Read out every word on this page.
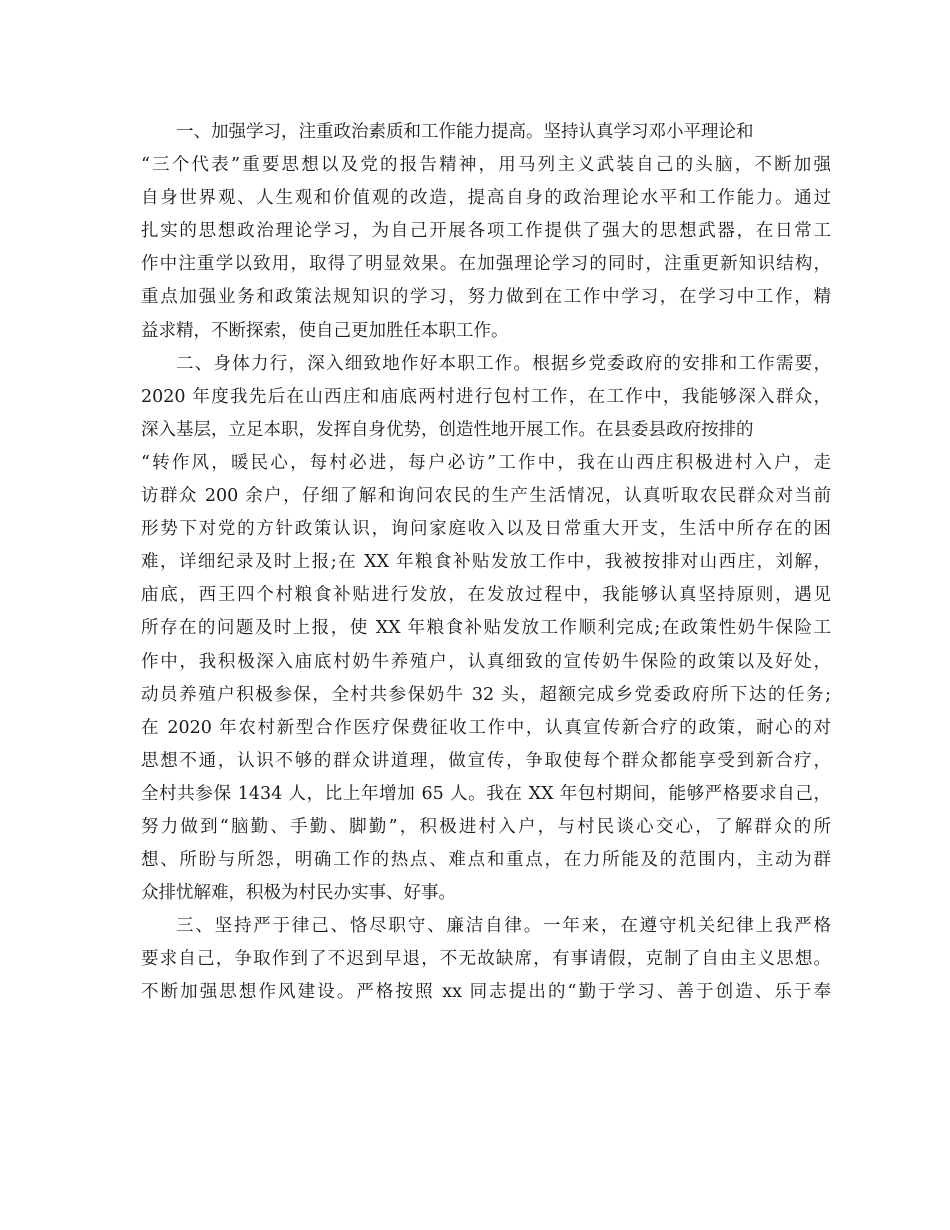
一、加强学习，注重政治素质和工作能力提高。坚持认真学习邓小平理论和
“三个代表”重要思想以及党的报告精神，用马列主义武装自己的头脑，不断加强
自身世界观、人生观和价值观的改造，提高自身的政治理论水平和工作能力。通过
扎实的思想政治理论学习，为自己开展各项工作提供了强大的思想武器，在日常工
作中注重学以致用，取得了明显效果。在加强理论学习的同时，注重更新知识结构，
重点加强业务和政策法规知识的学习，努力做到在工作中学习，在学习中工作，精
益求精，不断探索，使自己更加胜任本职工作。
二、身体力行，深入细致地作好本职工作。根据乡党委政府的安排和工作需要，
2020 年度我先后在山西庄和庙底两村进行包村工作，在工作中，我能够深入群众，
深入基层，立足本职，发挥自身优势，创造性地开展工作。在县委县政府按排的
“转作风，暖民心，每村必进，每户必访”工作中，我在山西庄积极进村入户，走
访群众 200 余户，仔细了解和询问农民的生产生活情况，认真听取农民群众对当前
形势下对党的方针政策认识，询问家庭收入以及日常重大开支，生活中所存在的困
难，详细纪录及时上报;在 XX 年粮食补贴发放工作中，我被按排对山西庄，刘解，
庙底，西王四个村粮食补贴进行发放，在发放过程中，我能够认真坚持原则，遇见
所存在的问题及时上报，使 XX 年粮食补贴发放工作顺利完成;在政策性奶牛保险工
作中，我积极深入庙底村奶牛养殖户，认真细致的宣传奶牛保险的政策以及好处，
动员养殖户积极参保，全村共参保奶牛 32 头，超额完成乡党委政府所下达的任务;
在 2020 年农村新型合作医疗保费征收工作中，认真宣传新合疗的政策，耐心的对
思想不通，认识不够的群众讲道理，做宣传，争取使每个群众都能享受到新合疗，
全村共参保 1434 人，比上年增加 65 人。我在 XX 年包村期间，能够严格要求自己，
努力做到“脑勤、手勤、脚勤”，积极进村入户，与村民谈心交心，了解群众的所
想、所盼与所怨，明确工作的热点、难点和重点，在力所能及的范围内，主动为群
众排忧解难，积极为村民办实事、好事。
三、坚持严于律己、恪尽职守、廉洁自律。一年来，在遵守机关纪律上我严格
要求自己，争取作到了不迟到早退，不无故缺席，有事请假，克制了自由主义思想。
不断加强思想作风建设。严格按照 xx 同志提出的“勤于学习、善于创造、乐于奉
